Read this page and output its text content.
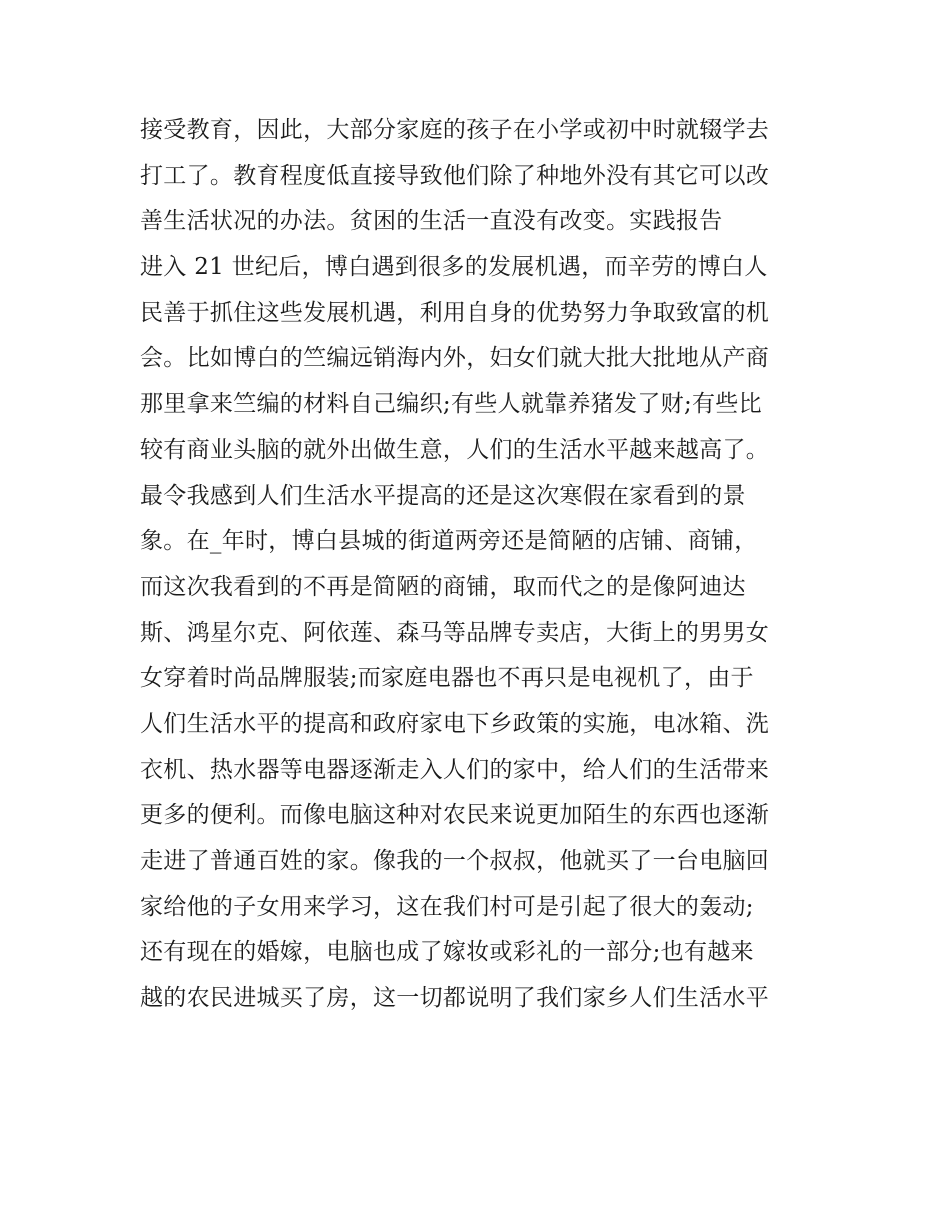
接受教育，因此，大部分家庭的孩子在小学或初中时就辍学去
打工了。教育程度低直接导致他们除了种地外没有其它可以改
善生活状况的办法。贫困的生活一直没有改变。实践报告
进入 21 世纪后，博白遇到很多的发展机遇，而辛劳的博白人
民善于抓住这些发展机遇，利用自身的优势努力争取致富的机
会。比如博白的竺编远销海内外，妇女们就大批大批地从产商
那里拿来竺编的材料自己编织;有些人就靠养猪发了财;有些比
较有商业头脑的就外出做生意，人们的生活水平越来越高了。
最令我感到人们生活水平提高的还是这次寒假在家看到的景
象。在_年时，博白县城的街道两旁还是简陋的店铺、商铺，
而这次我看到的不再是简陋的商铺，取而代之的是像阿迪达
斯、鸿星尔克、阿依莲、森马等品牌专卖店，大街上的男男女
女穿着时尚品牌服装;而家庭电器也不再只是电视机了，由于
人们生活水平的提高和政府家电下乡政策的实施，电冰箱、洗
衣机、热水器等电器逐渐走入人们的家中，给人们的生活带来
更多的便利。而像电脑这种对农民来说更加陌生的东西也逐渐
走进了普通百姓的家。像我的一个叔叔，他就买了一台电脑回
家给他的子女用来学习，这在我们村可是引起了很大的轰动;
还有现在的婚嫁，电脑也成了嫁妆或彩礼的一部分;也有越来
越的农民进城买了房，这一切都说明了我们家乡人们生活水平
